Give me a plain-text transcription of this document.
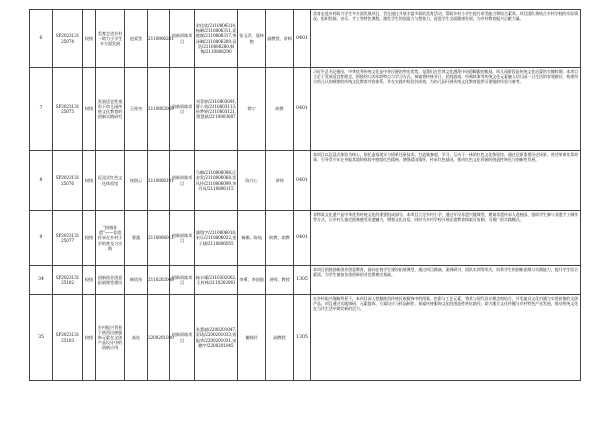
6	SP2023131 25074	校级	美育走进乡村一助力小学生多方面发展	赵爱莹	2110806281	创新训练项目	余佳欣/2110806314,杨琳/2110806311,姜媛媛/2110806317,李泽琳/2110806289,袁浩/2110806280,韩梅/2110806290	张玉萍、聂林艳	副教授、讲师	0401	美育走进乡村助力学生多方面发展项目，旨在通过开展丰富多彩的美育活动，帮助乡村小学生提升审美能力和综合素养。项目团队将结合乡村学校的实际情况，组织绘画、音乐、手工等特色课程，激发学生的创造力与想象力，促进学生全面健康发展，为乡村教育振兴贡献力量。
7	SP2023131 25075	校级	发展适宜性视角下幼儿园传统文化教育的创新实践研究	王梓杰	2110802069	创新训练项目	刘菲婷/2110803091,曹小英/2110803113,孙梦婷/2110803121,殷慧斌/2110803087	徐宁	助教	0401	习近平总书记指出，中华优秀传统文化是中华民族的突出优势，是我们在世界文化激荡中站稳脚跟的根基。幼儿园阶段是传统文化启蒙的关键时期，本项目立足于发展适宜性理念，围绕幼儿的年龄特点与学习方式，探索将传统节日、民间游戏、经典故事等传统文化元素融入幼儿园一日生活的有效路径，构建符合幼儿认知规律的传统文化教育内容体系，并在实践中检验其成效，为幼儿园开展传统文化教育提供可借鉴的经验与参考。
8	SP2023131 25076	校级	沉浸式红色文化体验馆	崔润云	2110806101	创新训练项目	马琳/2110806098,汪金发/2110806068,雷风铃/2110806099,李丹凤/2110806115	陈月心	讲师	0401	本项目以沉浸式体验为核心，依托虚拟现实与情景还原技术，打造集参观、学习、互动于一体的红色文化体验馆。通过还原重要历史场景、讲述革命先辈故事，引导青少年在身临其境的体验中感悟红色精神，增强爱国情怀，传承红色基因，推动红色文化资源的创造性转化与创新性发展。
9	SP2023131 25077	校级	“热遇非遗”——非遗传承在乡村小学的普及与实践	曹露	2110806011	创新训练项目	潘翔宇/2110806018,宋乐/2110806022,金子涵/2110806055	杨娜、陈灿	助教、助教	0401	非物质文化遗产是中华优秀传统文化的重要组成部分。本项目立足乡村小学，通过开设非遗兴趣课堂、邀请非遗传承人进校园、组织学生参与非遗手工制作等方式，让乡村儿童近距离感受非遗魅力，增强文化自信，同时为乡村学校开展非遗教育探索可复制、可推广的实践模式。
34	SP2023131 25102	校级	创新创业创意拓展课堂建设	韩钦彤	2110202048	创新训练项目	杨丰耀/2110302062,王梓林/2110202061	李勇、李国强	讲师、教授	1305	本项目围绕创新创业创意教育，面向在校学生建设拓展课堂，通过项目路演、案例研讨、团队实训等形式，培养学生的创新思维与实践能力，提升学生综合素质，为学生参加各类创新创业竞赛奠定基础。
35	SP2023131 25103	校级	乡村振兴背景下陕西民族服饰元素在文创产品设计中的创新应用	高钰	2200201030	创新训练项目	张慧斌/2200201047,雷琦/2200201033,贾振华/2200201031,宋鹏宇/2200201045	谢晓玲	副教授	1305	在乡村振兴战略背景下，本项目深入挖掘陕西传统民族服饰中的图案、色彩与工艺元素，将其与现代设计理念相结合，开发兼具文化内涵与实用价值的文创产品。项目通过实地调研、元素提炼、方案设计与样品制作，探索传统服饰文化的创造性转化路径，助力地方文化传播与乡村特色产业发展，推动传统文化在当代生活中焕发新的活力。
